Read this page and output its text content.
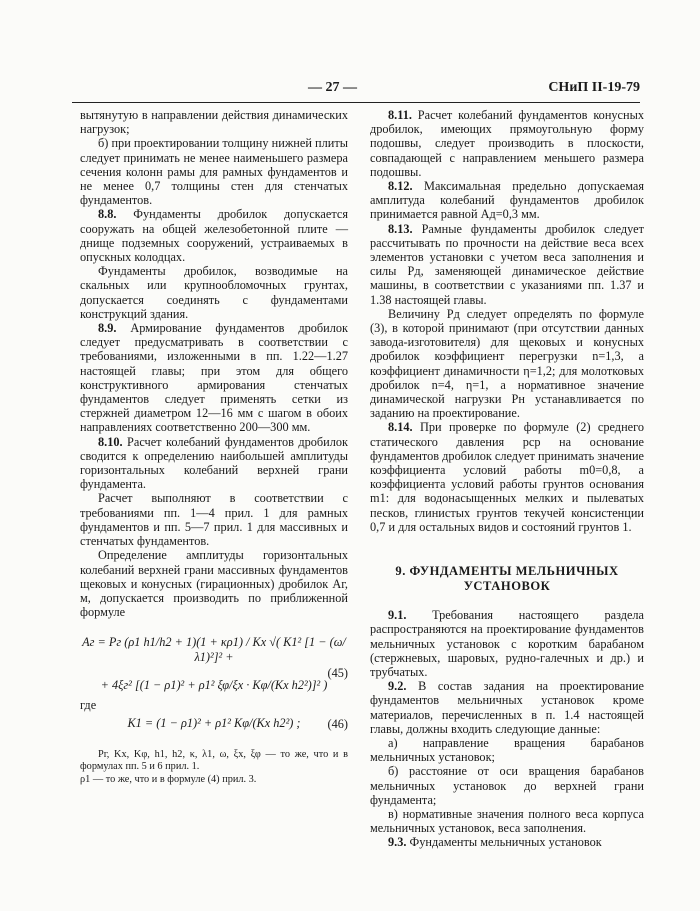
— 27 —	СНиП II-19-79

вытянутую в направлении действия динамических нагрузок;

б) при проектировании толщину нижней плиты следует принимать не менее наименьшего размера сечения колонн рамы для рамных фундаментов и не менее 0,7 толщины стен для стенчатых фундаментов.

8.8. Фундаменты дробилок допускается сооружать на общей железобетонной плите — днище подземных сооружений, устраиваемых в опускных колодцах.

Фундаменты дробилок, возводимые на скальных или крупнообломочных грунтах, допускается соединять с фундаментами конструкций здания.

8.9. Армирование фундаментов дробилок следует предусматривать в соответствии с требованиями, изложенными в пп. 1.22—1.27 настоящей главы; при этом для общего конструктивного армирования стенчатых фундаментов следует применять сетки из стержней диаметром 12—16 мм с шагом в обоих направлениях соответственно 200—300 мм.

8.10. Расчет колебаний фундаментов дробилок сводится к определению наибольшей амплитуды горизонтальных колебаний верхней грани фундамента.

Расчет выполняют в соответствии с требованиями пп. 1—4 прил. 1 для рамных фундаментов и пп. 5—7 прил. 1 для массивных и стенчатых фундаментов.

Определение амплитуды горизонтальных колебаний верхней грани массивных фундаментов щековых и конусных (гирационных) дробилок Aг, м, допускается производить по приближенной формуле

Aг = Pг (ρ1 h1/h2 + 1)(1 + κρ1) / Kx √( K1² [1 − (ω/λ1)²]² +

+ 4ξг² [(1 − ρ1)² + ρ1² ξφ/ξx · Kφ/(Kx h2²)]² )

(45)

где

K1 = (1 − ρ1)² + ρ1² Kφ/(Kx h2²) ;	(46)

Pг, Kx, Kφ, h1, h2, κ, λ1, ω, ξx, ξφ — то же, что и в формулах пп. 5 и 6 прил. 1.

ρ1 — то же, что и в формуле (4) прил. 3.

8.11. Расчет колебаний фундаментов конусных дробилок, имеющих прямоугольную форму подошвы, следует производить в плоскости, совпадающей с направлением меньшего размера подошвы.

8.12. Максимальная предельно допускаемая амплитуда колебаний фундаментов дробилок принимается равной Aд=0,3 мм.

8.13. Рамные фундаменты дробилок следует рассчитывать по прочности на действие веса всех элементов установки с учетом веса заполнения и силы Pд, заменяющей динамическое действие машины, в соответствии с указаниями пп. 1.37 и 1.38 настоящей главы.

Величину Pд следует определять по формуле (3), в которой принимают (при отсутствии данных завода-изготовителя) для щековых и конусных дробилок коэффициент перегрузки n=1,3, а коэффициент динамичности η=1,2; для молотковых дробилок n=4, η=1, а нормативное значение динамической нагрузки Pн устанавливается по заданию на проектирование.

8.14. При проверке по формуле (2) среднего статического давления pср на основание фундаментов дробилок следует принимать значение коэффициента условий работы m0=0,8, а коэффициента условий работы грунтов основания m1: для водонасыщенных мелких и пылеватых песков, глинистых грунтов текучей консистенции 0,7 и для остальных видов и состояний грунтов 1.

9. ФУНДАМЕНТЫ МЕЛЬНИЧНЫХ УСТАНОВОК

9.1. Требования настоящего раздела распространяются на проектирование фундаментов мельничных установок с коротким барабаном (стержневых, шаровых, рудно-галечных и др.) и трубчатых.

9.2. В состав задания на проектирование фундаментов мельничных установок кроме материалов, перечисленных в п. 1.4 настоящей главы, должны входить следующие данные:

а) направление вращения барабанов мельничных установок;

б) расстояние от оси вращения барабанов мельничных установок до верхней грани фундамента;

в) нормативные значения полного веса корпуса мельничных установок, веса заполнения.

9.3. Фундаменты мельничных установок
